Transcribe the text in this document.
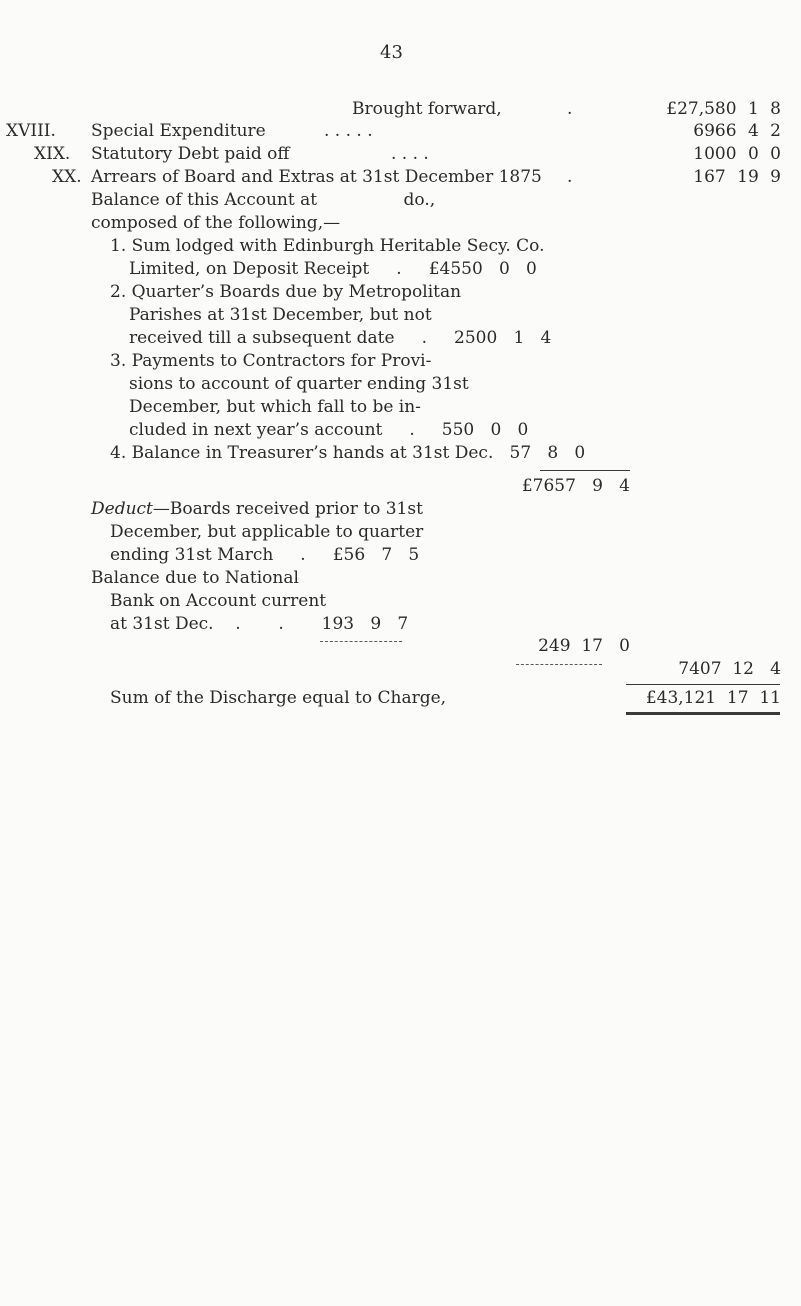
43
Brought forward,	.	£27,580 1 8
XVIII. Special Expenditure	. . . . .	6966 4 2
XIX. Statutory Debt paid off	. . . .	1000 0 0
XX. Arrears of Board and Extras at 31st December 1875 .	167 19 9
Balance of this Account at                do.,
composed of the following,—
1. Sum lodged with Edinburgh Heritable Secy. Co.
Limited, on Deposit Receipt     .     £4550   0   0
2. Quarter’s Boards due by Metropolitan
Parishes at 31st December, but not
received till a subsequent date     .     2500   1   4
3. Payments to Contractors for Provi-
sions to account of quarter ending 31st
December, but which fall to be in-
cluded in next year’s account     .     550   0   0
4. Balance in Treasurer’s hands at 31st Dec.   57   8   0
£7657   9   4
Deduct—Boards received prior to 31st
December, but applicable to quarter
ending 31st March     .     £56   7   5
Balance due to National
Bank on Account current
at 31st Dec.    .       .       193   9   7
249  17   0
7407  12   4
Sum of the Discharge equal to Charge,	£43,121  17  11
